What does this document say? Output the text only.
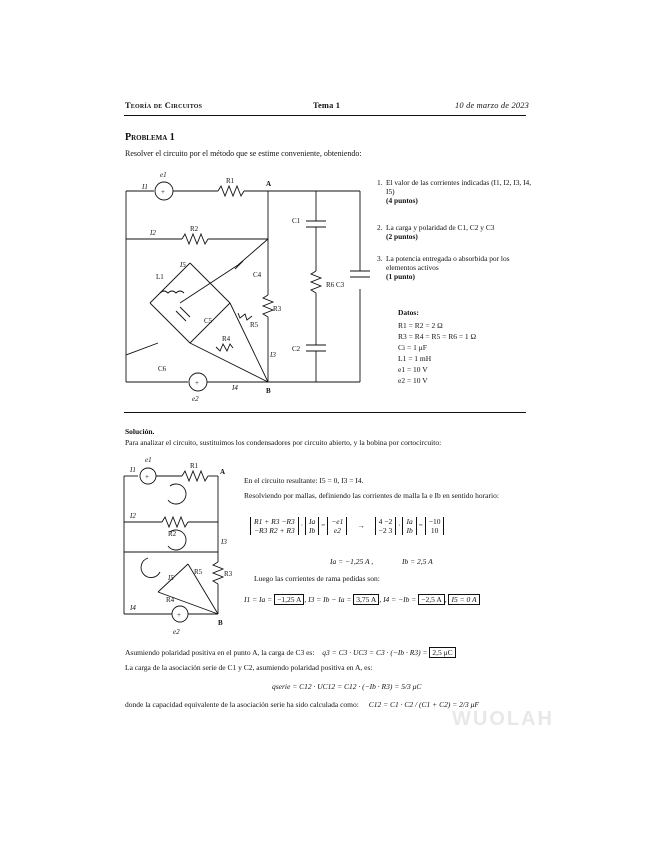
Teoría de Circuitos	Tema 1	10 de marzo de 2023
Problema 1
Resolver el circuito por el método que se estime conveniente, obteniendo:
+
+
e1
e2
I1
I2
I3
I4
I5
R1
R2
R3
R4
R5
R6
C1
C2
C3
C4
C5
C6
L1
A
B
1. El valor de las corrientes indicadas (I1, I2, I3, I4, I5)
(4 puntos)
2. La carga y polaridad de C1, C2 y C3
(2 puntos)
3. La potencia entregada o absorbida por los elementos activos
(1 punto)
Datos:
R1 = R2 = 2 Ω
R3 = R4 = R5 = R6 = 1 Ω
Ci = 1 μF
L1 = 1 mH
e1 = 10 V
e2 = 10 V
Solución.
Para analizar el circuito, sustituimos los condensadores por circuito abierto, y la bobina por cortocircuito:
+
+
e1
e2
I1
I2
I3
I4
I5
R1
R2
R3
R4
R5
A
B
En el circuito resultante: I5 = 0, I3 = I4.
Resolviendo por mallas, definiendo las corrientes de malla Ia e Ib en sentido horario:
R1 + R3 −R3
−R3 R2 + R3 · Ia
Ib = −e1
e2 → 4 −2
−2 3 · Ia
Ib = −10
10
Ia = −1,25 A ,	Ib = 2,5 A
Luego las corrientes de rama pedidas son:
I1 = Ia = −1,25 A , I3 = Ib − Ia = 3,75 A , I4 = −Ib = −2,5 A , I5 = 0 A
Asumiendo polaridad positiva en el punto A, la carga de C3 es: q3 = C3 · UC3 = C3 · (−Ib · R3) = 2,5 μC
La carga de la asociación serie de C1 y C2, asumiendo polaridad positiva en A, es:
qserie = C12 · UC12 = C12 · (−Ib · R3) = 5/3 μC
donde la capacidad equivalente de la asociación serie ha sido calculada como: C12 = C1 · C2 / (C1 + C2) = 2/3 μF
WUOLAH
